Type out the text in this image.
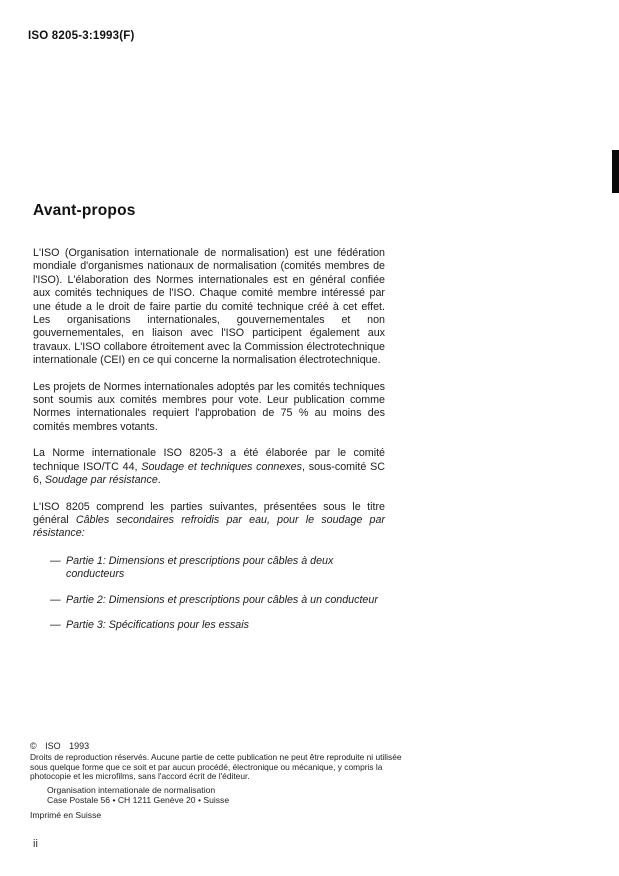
ISO 8205-3:1993(F)
Avant-propos

L'ISO (Organisation internationale de normalisation) est une fédération mondiale d'organismes nationaux de normalisation (comités membres de l'ISO). L'élaboration des Normes internationales est en général confiée aux comités techniques de l'ISO. Chaque comité membre intéressé par une étude a le droit de faire partie du comité technique créé à cet effet. Les organisations internationales, gouvernementales et non gouvernementales, en liaison avec l'ISO participent également aux travaux. L'ISO collabore étroitement avec la Commission électrotechnique internationale (CEI) en ce qui concerne la normalisation électrotechnique.

Les projets de Normes internationales adoptés par les comités techniques sont soumis aux comités membres pour vote. Leur publication comme Normes internationales requiert l'approbation de 75 % au moins des comités membres votants.

La Norme internationale ISO 8205-3 a été élaborée par le comité technique ISO/TC 44, Soudage et techniques connexes, sous-comité SC 6, Soudage par résistance.

L'ISO 8205 comprend les parties suivantes, présentées sous le titre général Câbles secondaires refroidis par eau, pour le soudage par résistance:

— Partie 1: Dimensions et prescriptions pour câbles à deux conducteurs
— Partie 2: Dimensions et prescriptions pour câbles à un conducteur
— Partie 3: Spécifications pour les essais
© ISO 1993
Droits de reproduction réservés. Aucune partie de cette publication ne peut être reproduite ni utilisée sous quelque forme que ce soit et par aucun procédé, électronique ou mécanique, y compris la photocopie et les microfilms, sans l'accord écrit de l'éditeur.
Organisation internationale de normalisation
Case Postale 56 • CH 1211 Genève 20 • Suisse
Imprimé en Suisse
ii
